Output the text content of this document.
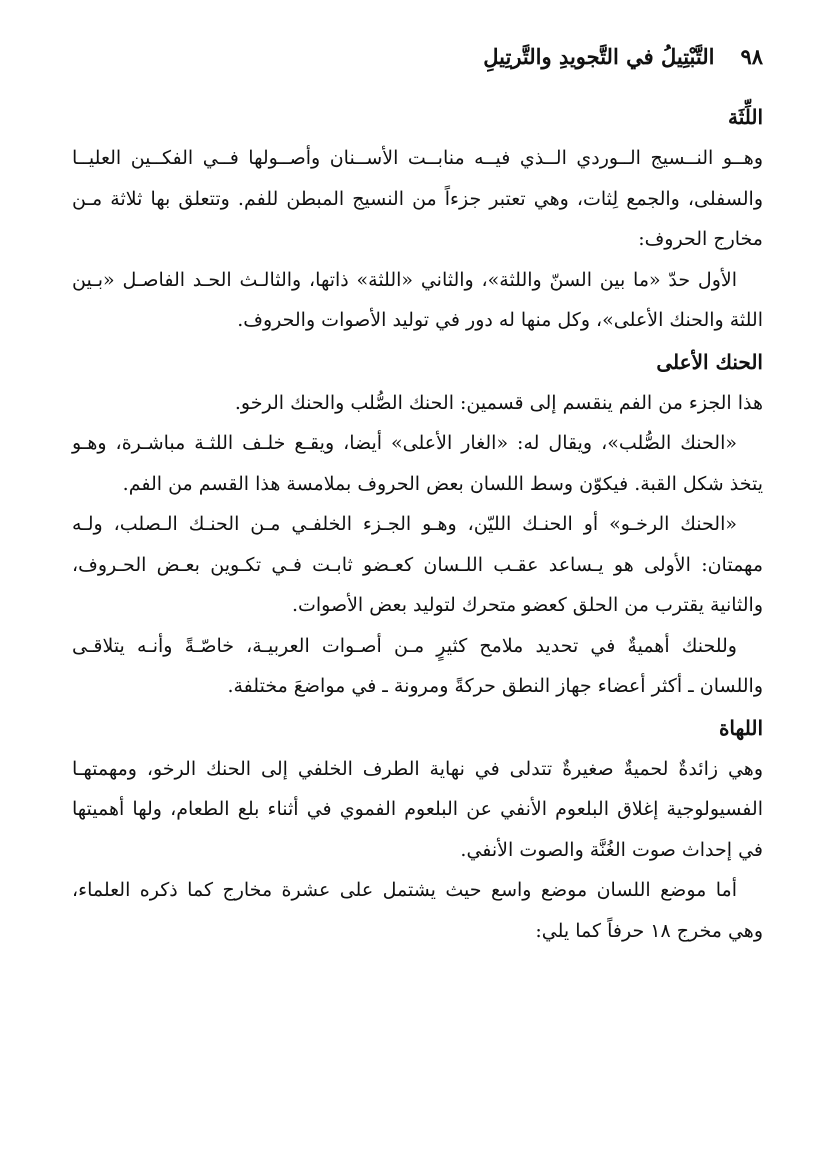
٩٨
التَّبْتِيلُ في التَّجويدِ والتَّرتِيلِ
اللِّثَة

وهــو النــسيج الــوردي الــذي فيــه منابــت الأســنان وأصــولها فــي الفكــين العليــا والسفلى، والجمع لِثات، وهي تعتبر جزءاً من النسيج المبطن للفم. وتتعلق بها ثلاثة مـن مخارج الحروف:

الأول حدّ «ما بين السنّ واللثة»، والثاني «اللثة» ذاتها، والثالـث الحـد الفاصـل «بـين اللثة والحنك الأعلى»، وكل منها له دور في توليد الأصوات والحروف.

الحنك الأعلى

هذا الجزء من الفم ينقسم إلى قسمين: الحنك الصُّلب والحنك الرخو.

«الحنك الصُّلب»، ويقال له: «الغار الأعلى» أيضا، ويقـع خلـف اللثـة مباشـرة، وهـو يتخذ شكل القبة. فيكوّن وسط اللسان بعض الحروف بملامسة هذا القسم من الفم.

«الحنك الرخـو» أو الحنـك الليّن، وهـو الجـزء الخلفـي مـن الحنـك الـصلب، ولـه مهمتان: الأولى هو يـساعد عقـب اللـسان كعـضو ثابـت فـي تكـوين بعـض الحـروف، والثانية يقترب من الحلق كعضو متحرك لتوليد بعض الأصوات.

وللحنك أهميةٌ في تحديد ملامح كثيرٍ مـن أصـوات العربيـة، خاصّـةً وأنـه يتلاقـى واللسان ـ أكثر أعضاء جهاز النطق حركةً ومرونة ـ في مواضعَ مختلفة.

اللهاة

وهي زائدةٌ لحميةٌ صغيرةٌ تتدلى في نهاية الطرف الخلفي إلى الحنك الرخو، ومهمتهـا الفسيولوجية إغلاق البلعوم الأنفي عن البلعوم الفموي في أثناء بلع الطعام، ولها أهميتها في إحداث صوت الغُنَّة والصوت الأنفي.

أما موضع اللسان موضع واسع حيث يشتمل على عشرة مخارج كما ذكره العلماء، وهي مخرج ١٨ حرفاً كما يلي:
